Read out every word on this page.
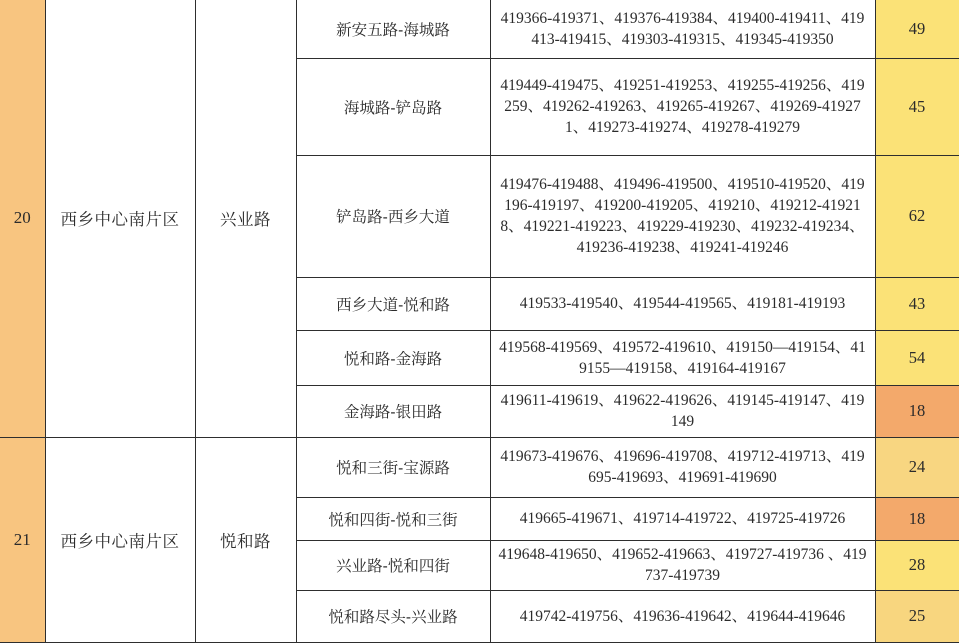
20	西乡中心南片区	兴业路	新安五路-海城路	419366-419371、419376-419384、419400-419411、419413-419415、419303-419315、419345-419350	49
			海城路-铲岛路	419449-419475、419251-419253、419255-419256、419259、419262-419263、419265-419267、419269-419271、419273-419274、419278-419279	45
			铲岛路-西乡大道	419476-419488、419496-419500、419510-419520、419196-419197、419200-419205、419210、419212-419218、419221-419223、419229-419230、419232-419234、419236-419238、419241-419246	62
			西乡大道-悦和路	419533-419540、419544-419565、419181-419193	43
			悦和路-金海路	419568-419569、419572-419610、419150—419154、419155—419158、419164-419167	54
			金海路-银田路	419611-419619、419622-419626、419145-419147、419149	18
21	西乡中心南片区	悦和路	悦和三街-宝源路	419673-419676、419696-419708、419712-419713、419695-419693、419691-419690	24
			悦和四街-悦和三街	419665-419671、419714-419722、419725-419726	18
			兴业路-悦和四街	419648-419650、419652-419663、419727-419736 、419737-419739	28
			悦和路尽头-兴业路	419742-419756、419636-419642、419644-419646	25
